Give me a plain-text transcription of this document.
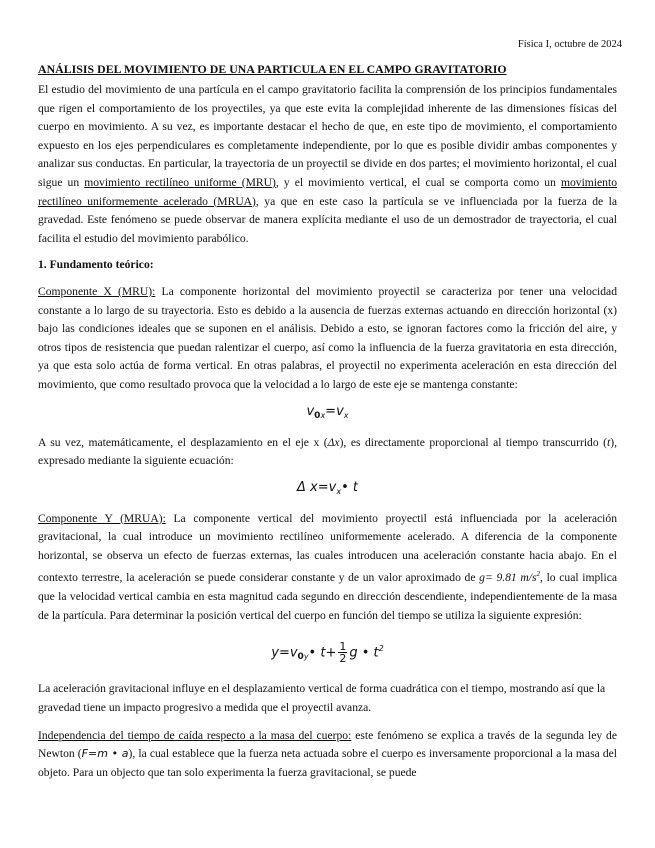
Física I, octubre de 2024
ANÁLISIS DEL MOVIMIENTO DE UNA PARTICULA EN EL CAMPO GRAVITATORIO

El estudio del movimiento de una partícula en el campo gravitatorio facilita la comprensión de los principios fundamentales que rigen el comportamiento de los proyectiles, ya que este evita la complejidad inherente de las dimensiones físicas del cuerpo en movimiento. A su vez, es importante destacar el hecho de que, en este tipo de movimiento, el comportamiento expuesto en los ejes perpendiculares es completamente independiente, por lo que es posible dividir ambas componentes y analizar sus conductas. En particular, la trayectoria de un proyectil se divide en dos partes; el movimiento horizontal, el cual sigue un movimiento rectilíneo uniforme (MRU), y el movimiento vertical, el cual se comporta como un movimiento rectilíneo uniformemente acelerado (MRUA), ya que en este caso la partícula se ve influenciada por la fuerza de la gravedad. Este fenómeno se puede observar de manera explícita mediante el uso de un demostrador de trayectoria, el cual facilita el estudio del movimiento parabólico.

1. Fundamento teórico:

Componente X (MRU): La componente horizontal del movimiento proyectil se caracteriza por tener una velocidad constante a lo largo de su trayectoria. Esto es debido a la ausencia de fuerzas externas actuando en dirección horizontal (x) bajo las condiciones ideales que se suponen en el análisis. Debido a esto, se ignoran factores como la fricción del aire, y otros tipos de resistencia que puedan ralentizar el cuerpo, así como la influencia de la fuerza gravitatoria en esta dirección, ya que esta solo actúa de forma vertical. En otras palabras, el proyectil no experimenta aceleración en esta dirección del movimiento, que como resultado provoca que la velocidad a lo largo de este eje se mantenga constante:

$v_{0x}=v_x$

A su vez, matemáticamente, el desplazamiento en el eje x (Δx), es directamente proporcional al tiempo transcurrido (t), expresado mediante la siguiente ecuación:

Δ $x=v_x•$ t

Componente Y (MRUA): La componente vertical del movimiento proyectil está influenciada por la aceleración gravitacional, la cual introduce un movimiento rectilíneo uniformemente acelerado. A diferencia de la componente horizontal, se observa un efecto de fuerzas externas, las cuales introducen una aceleración constante hacia abajo. En el contexto terrestre, la aceleración se puede considerar constante y de un valor aproximado de g= 9.81 $m/s^2$, lo cual implica que la velocidad vertical cambia en esta magnitud cada segundo en dirección descendiente, independientemente de la masa de la partícula. Para determinar la posición vertical del cuerpo en función del tiempo se utiliza la siguiente expresión:

$y=v_{0y}•$ $t+ \frac{1}{2}$ g • $t^2$

La aceleración gravitacional influye en el desplazamiento vertical de forma cuadrática con el tiempo, mostrando así que la gravedad tiene un impacto progresivo a medida que el proyectil avanza.

Independencia del tiempo de caída respecto a la masa del cuerpo: este fenómeno se explica a través de la segunda ley de Newton (F=m • a), la cual establece que la fuerza neta actuada sobre el cuerpo es inversamente proporcional a la masa del objeto. Para un objecto que tan solo experimenta la fuerza gravitacional, se puede
